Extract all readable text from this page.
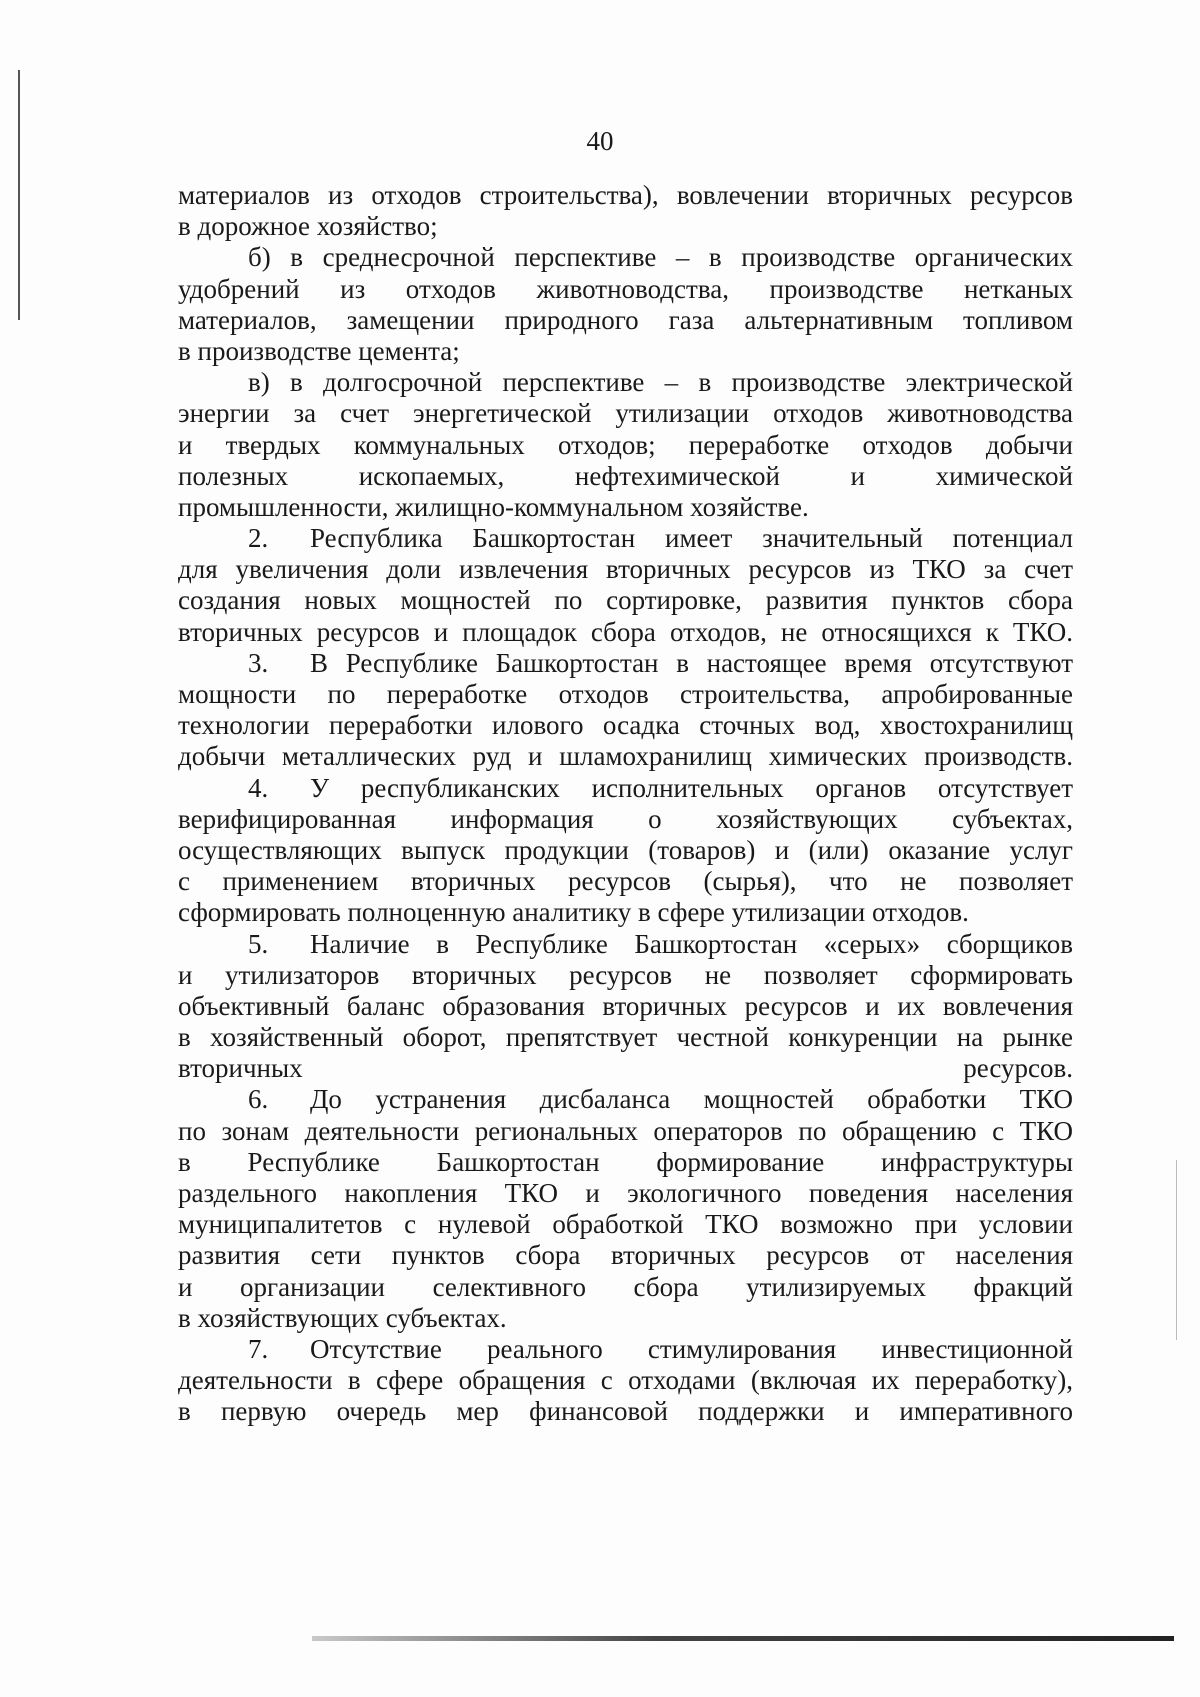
40
материалов из отходов строительства), вовлечении вторичных ресурсов
в дорожное хозяйство;
б) в среднесрочной перспективе – в производстве органических
удобрений из отходов животноводства, производстве нетканых
материалов, замещении природного газа альтернативным топливом
в производстве цемента;
в) в долгосрочной перспективе – в производстве электрической
энергии за счет энергетической утилизации отходов животноводства
и твердых коммунальных отходов; переработке отходов добычи
полезных ископаемых, нефтехимической и химической
промышленности, жилищно-коммунальном хозяйстве.
2.	Республика Башкортостан имеет значительный потенциал
для увеличения доли извлечения вторичных ресурсов из ТКО за счет
создания новых мощностей по сортировке, развития пунктов сбора
вторичных ресурсов и площадок сбора отходов, не относящихся к ТКО.
3.	В Республике Башкортостан в настоящее время отсутствуют
мощности по переработке отходов строительства, апробированные
технологии переработки илового осадка сточных вод, хвостохранилищ
добычи металлических руд и шламохранилищ химических производств.
4.	У республиканских исполнительных органов отсутствует
верифицированная информация о хозяйствующих субъектах,
осуществляющих выпуск продукции (товаров) и (или) оказание услуг
с применением вторичных ресурсов (сырья), что не позволяет
сформировать полноценную аналитику в сфере утилизации отходов.
5.	Наличие в Республике Башкортостан «серых» сборщиков
и утилизаторов вторичных ресурсов не позволяет сформировать
объективный баланс образования вторичных ресурсов и их вовлечения
в хозяйственный оборот, препятствует честной конкуренции на рынке
вторичных ресурсов.
6.	До устранения дисбаланса мощностей обработки ТКО
по зонам деятельности региональных операторов по обращению с ТКО
в Республике Башкортостан формирование инфраструктуры
раздельного накопления ТКО и экологичного поведения населения
муниципалитетов с нулевой обработкой ТКО возможно при условии
развития сети пунктов сбора вторичных ресурсов от населения
и организации селективного сбора утилизируемых фракций
в хозяйствующих субъектах.
7.	Отсутствие реального стимулирования инвестиционной
деятельности в сфере обращения с отходами (включая их переработку),
в первую очередь мер финансовой поддержки и императивного
